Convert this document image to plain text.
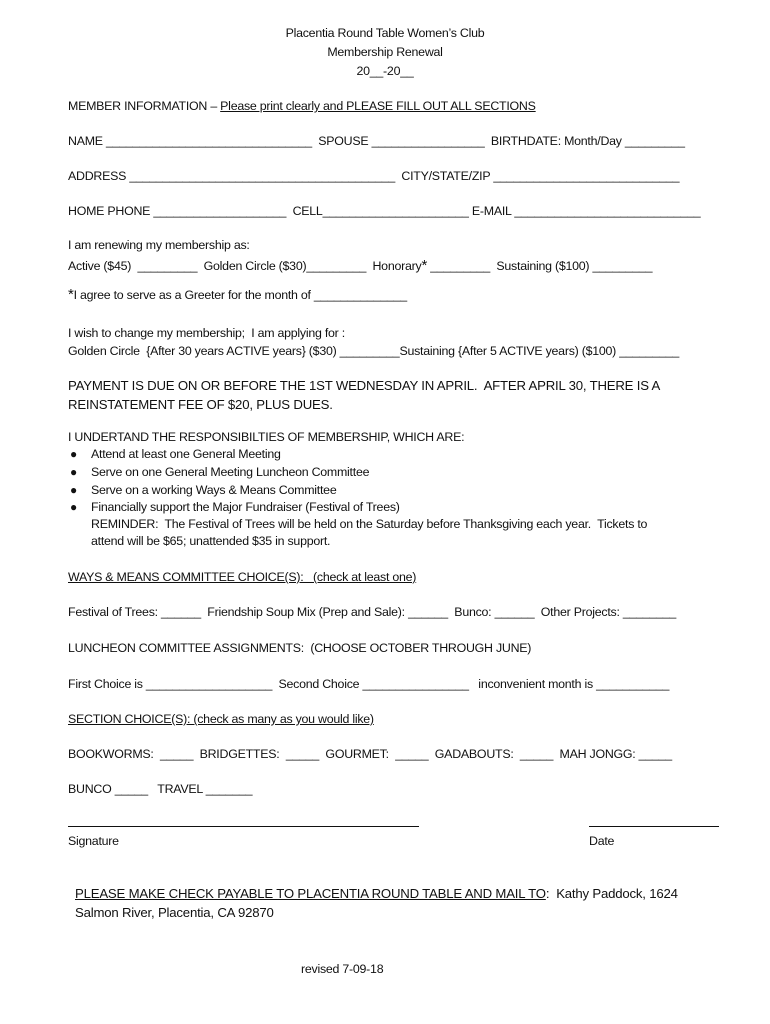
Placentia Round Table Women’s Club
Membership Renewal
20__-20__
MEMBER INFORMATION – Please print clearly and PLEASE FILL OUT ALL SECTIONS
NAME _______________________________  SPOUSE _________________  BIRTHDATE: Month/Day _________
ADDRESS ________________________________________  CITY/STATE/ZIP ____________________________
HOME PHONE ____________________  CELL______________________ E-MAIL ____________________________
I am renewing my membership as:
Active ($45)  _________  Golden Circle ($30)_________  Honorary* _________  Sustaining ($100) _________
*I agree to serve as a Greeter for the month of ______________
I wish to change my membership;  I am applying for :
Golden Circle  {After 30 years ACTIVE years} ($30) _________Sustaining {After 5 ACTIVE years) ($100) _________
PAYMENT IS DUE ON OR BEFORE THE 1ST WEDNESDAY IN APRIL.  AFTER APRIL 30, THERE IS A
REINSTATEMENT FEE OF $20, PLUS DUES.
I UNDERTAND THE RESPONSIBILTIES OF MEMBERSHIP, WHICH ARE:
● Attend at least one General Meeting
● Serve on one General Meeting Luncheon Committee
● Serve on a working Ways & Means Committee
● Financially support the Major Fundraiser (Festival of Trees)
REMINDER:  The Festival of Trees will be held on the Saturday before Thanksgiving each year.  Tickets to
attend will be $65; unattended $35 in support.
WAYS & MEANS COMMITTEE CHOICE(S):   (check at least one)
Festival of Trees: ______  Friendship Soup Mix (Prep and Sale): ______  Bunco: ______  Other Projects: ________
LUNCHEON COMMITTEE ASSIGNMENTS:  (CHOOSE OCTOBER THROUGH JUNE)
First Choice is ___________________  Second Choice ________________   inconvenient month is ___________
SECTION CHOICE(S): (check as many as you would like)
BOOKWORMS:  _____  BRIDGETTES:  _____  GOURMET:  _____  GADABOUTS:  _____  MAH JONGG: _____
BUNCO _____   TRAVEL _______
Signature	Date
PLEASE MAKE CHECK PAYABLE TO PLACENTIA ROUND TABLE AND MAIL TO:  Kathy Paddock, 1624
Salmon River, Placentia, CA 92870
revised 7-09-18
